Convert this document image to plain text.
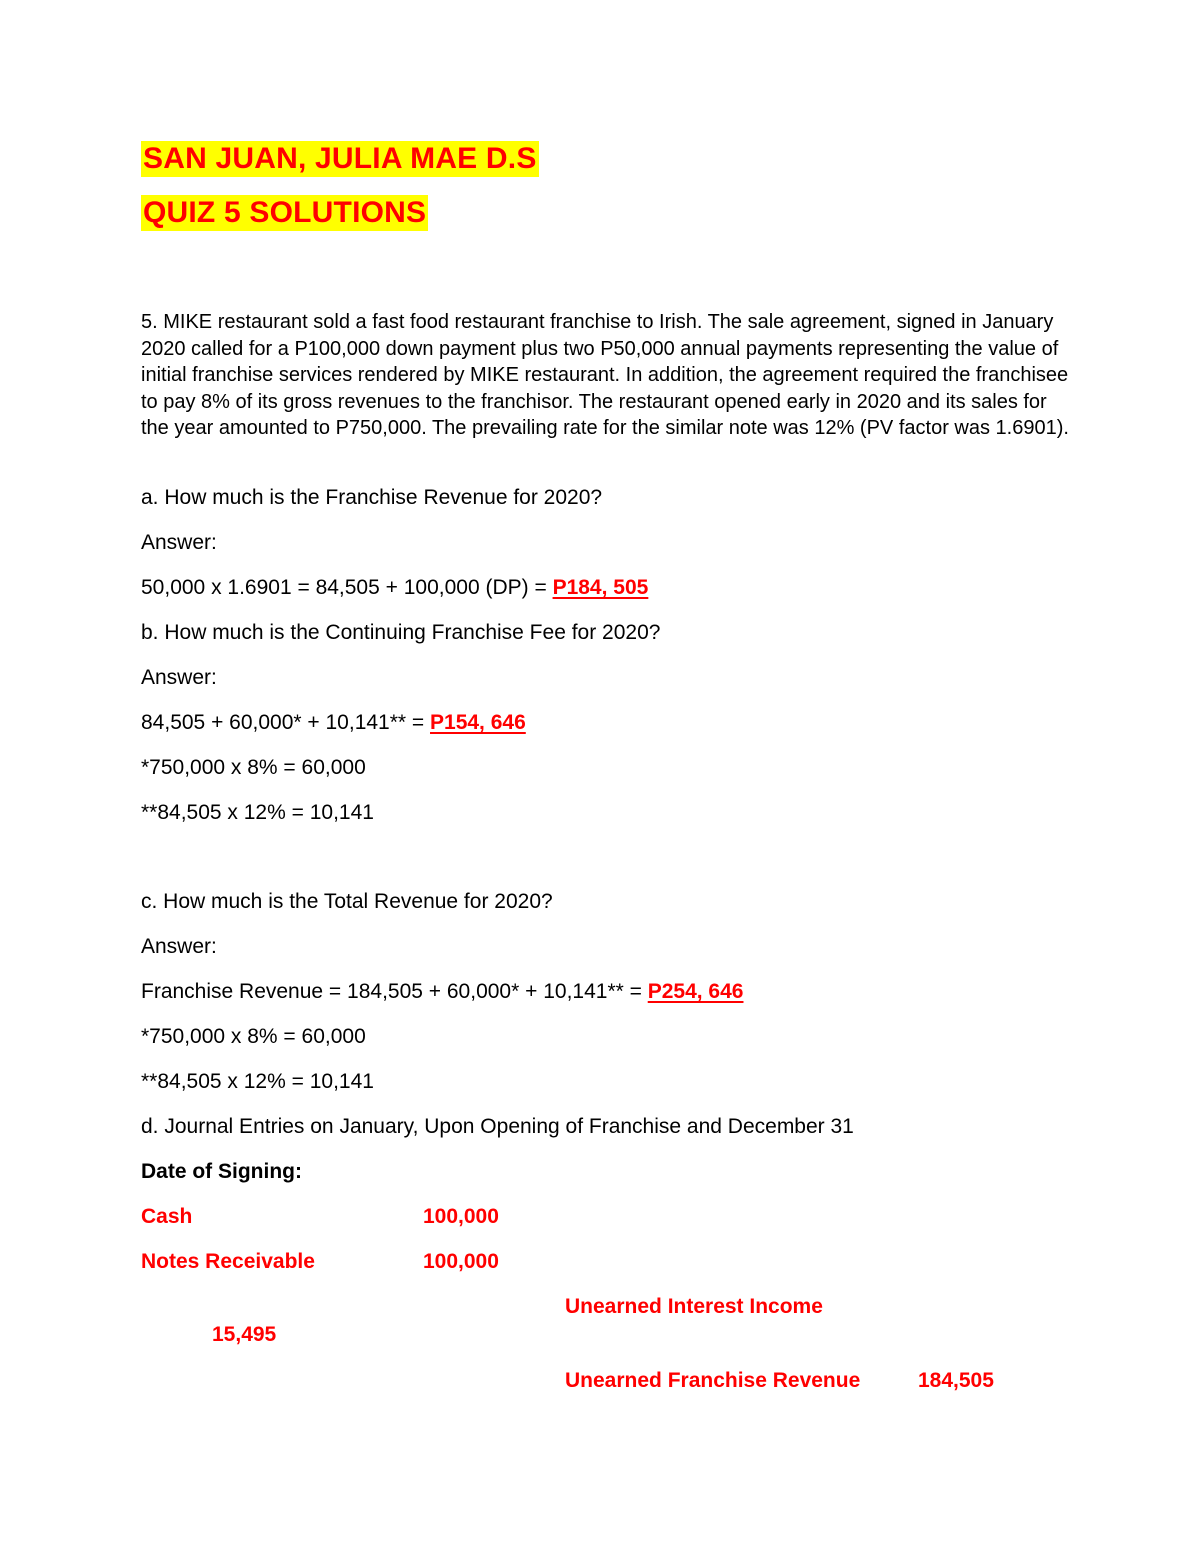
SAN JUAN, JULIA MAE D.S
QUIZ 5 SOLUTIONS
5. MIKE restaurant sold a fast food restaurant franchise to Irish. The sale agreement, signed in January 2020 called for a P100,000 down payment plus two P50,000 annual payments representing the value of initial franchise services rendered by MIKE restaurant. In addition, the agreement required the franchisee to pay 8% of its gross revenues to the franchisor. The restaurant opened early in 2020 and its sales for the year amounted to P750,000. The prevailing rate for the similar note was 12% (PV factor was 1.6901).
a. How much is the Franchise Revenue for 2020?
Answer:
50,000 x 1.6901 = 84,505 + 100,000 (DP) = P184, 505
b. How much is the Continuing Franchise Fee for 2020?
Answer:
84,505 + 60,000* + 10,141** = P154, 646
*750,000 x 8% = 60,000
**84,505 x 12% = 10,141
c. How much is the Total Revenue for 2020?
Answer:
Franchise Revenue = 184,505 + 60,000* + 10,141** = P254, 646
*750,000 x 8% = 60,000
**84,505 x 12% = 10,141
d. Journal Entries on January, Upon Opening of Franchise and December 31
Date of Signing:
Cash	100,000
Notes Receivable	100,000
Unearned Interest Income
15,495
Unearned Franchise Revenue	184,505
